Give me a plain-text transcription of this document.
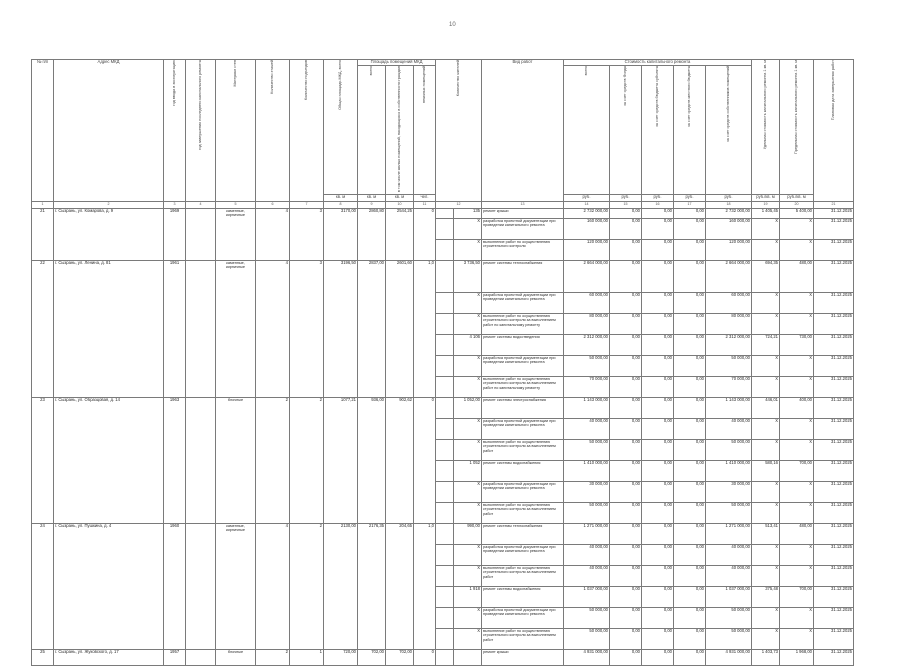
10
№ п/п	Адрес МКД	год ввода в эксплуатацию	год завершения последнего капитального ремонта	Материал стен	Количество этажей	Количество подъездов	Общая площадь МКД, всего	Площадь помещений МКД			Количество жителей		Вид работ	Стоимость капитального ремонта					Удельная стоимость капитального ремонта 1 кв. м	Предельная стоимость капитального ремонта 1 кв. м	Плановая дата завершения работ
								всего	в том числе жилых помещений, находящихся в собственности граждан	нежилых помещений				всего	за счет средств Фонда	за счет средств бюджета субъекта	за счет средств местного бюджета	за счет средств собственников помещений			
							кв. м	кв. м	кв. м	чел.				руб.	руб.	руб.	руб.	руб.	руб./кв. м	руб./кв. м	
1	2	3	4	5	6	7	8	9	10	11	12		13	14	15	16	17	18	19	20	21
21	г. Сызрань, ул. Комарова, д. 9	1969		каменные, кирпичные	4	3	3170,00	2860,80	2544,25	0		135	ремонт крыши	2 732 000,00	0,00	0,00	0,00	2 732 000,00	1 405,45	5 400,00	31.12.2025
												X	разработка проектной документации при проведении капитального ремонта	160 000,00	0,00	0,00	0,00	160 000,00	X	X	31.12.2025
												X	выполнение работ по осуществлению строительного контроля	120 000,00	0,00	0,00	0,00	120 000,00	X	X	31.12.2025
22	г. Сызрань, ул. Ленина, д. 81	1961		каменные, кирпичные	4	3	3196,50	2837,00	2601,60	1,0		3 736,50	ремонт системы теплоснабжения	2 664 000,00	0,00	0,00	0,00	2 664 000,00	694,35	480,00	31.12.2025
												X	разработка проектной документации при проведении капитального ремонта	60 000,00	0,00	0,00	0,00	60 000,00	X	X	31.12.2025
												X	выполнение работ по осуществлению строительного контроля за выполнением работ по капитальному ремонту	80 000,00	0,00	0,00	0,00	80 000,00	X	X	31.12.2025
												4 106	ремонт системы водоотведения	2 312 000,00	0,00	0,00	0,00	2 312 000,00	724,21	730,00	31.12.2025
												X	разработка проектной документации при проведении капитального ремонта	50 000,00	0,00	0,00	0,00	50 000,00	X	X	31.12.2025
												X	выполнение работ по осуществлению строительного контроля за выполнением работ по капитальному ремонту	70 000,00	0,00	0,00	0,00	70 000,00	X	X	31.12.2025
23	г. Сызрань, ул. Образцовая, д. 14	1963		блочные	2	2	1077,21	936,00	902,62	0		1 052,00	ремонт системы электроснабжения	1 143 000,00	0,00	0,00	0,00	1 143 000,00	446,01	400,00	31.12.2025
												X	разработка проектной документации при проведении капитального ремонта	40 000,00	0,00	0,00	0,00	40 000,00	X	X	31.12.2025
												X	выполнение работ по осуществлению строительного контроля за выполнением работ	50 000,00	0,00	0,00	0,00	50 000,00	X	X	31.12.2025
												1 052	ремонт системы водоснабжения	1 410 000,00	0,00	0,00	0,00	1 410 000,00	580,16	700,00	31.12.2025
												X	разработка проектной документации при проведении капитального ремонта	30 000,00	0,00	0,00	0,00	30 000,00	X	X	31.12.2025
												X	выполнение работ по осуществлению строительного контроля за выполнением работ	50 000,00	0,00	0,00	0,00	50 000,00	X	X	31.12.2025
24	г. Сызрань, ул. Пушкина, д. 4	1960		каменные, кирпичные	4	2	2130,00	2176,35	204,65	1,0		990,00	ремонт системы теплоснабжения	1 271 000,00	0,00	0,00	0,00	1 271 000,00	513,41	480,00	31.12.2025
												X	разработка проектной документации при проведении капитального ремонта	40 000,00	0,00	0,00	0,00	40 000,00	X	X	31.12.2025
												X	выполнение работ по осуществлению строительного контроля за выполнением работ	40 000,00	0,00	0,00	0,00	40 000,00	X	X	31.12.2025
												1 918	ремонт системы водоснабжения	1 037 000,00	0,00	0,00	0,00	1 037 000,00	375,48	700,00	31.12.2025
												X	разработка проектной документации при проведении капитального ремонта	50 000,00	0,00	0,00	0,00	50 000,00	X	X	31.12.2025
												X	выполнение работ по осуществлению строительного контроля за выполнением работ	50 000,00	0,00	0,00	0,00	50 000,00	X	X	31.12.2025
25	г. Сызрань, ул. Жуковского, д. 17	1957		блочные	2	1	720,00	702,00	702,00	0			ремонт крыши	4 931 000,00	0,00	0,00	0,00	4 931 000,00	1 403,73	1 968,00	31.12.2025
